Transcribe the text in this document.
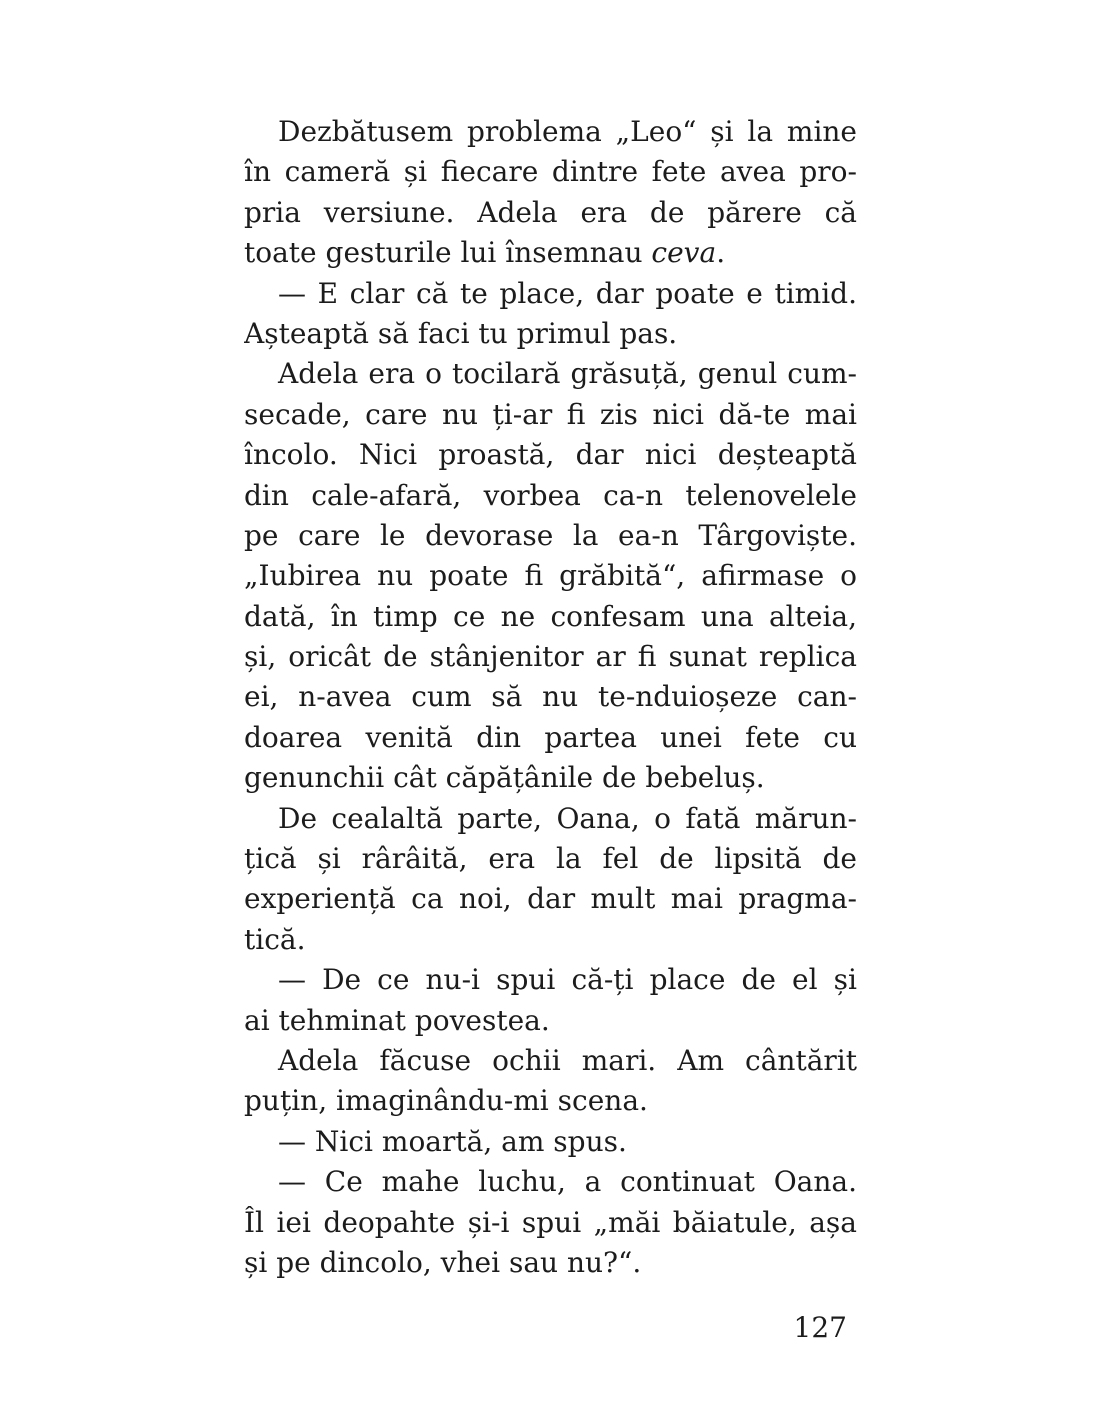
Dezbătusem problema „Leo“ și la mine
în cameră și fiecare dintre fete avea pro-
pria versiune. Adela era de părere că
toate gesturile lui însemnau ceva.
— E clar că te place, dar poate e timid.
Așteaptă să faci tu primul pas.
Adela era o tocilară grăsuță, genul cum-
secade, care nu ți-ar fi zis nici dă-te mai
încolo. Nici proastă, dar nici deșteaptă
din cale-afară, vorbea ca-n telenovelele
pe care le devorase la ea-n Târgoviște.
„Iubirea nu poate fi grăbită“, afirmase o
dată, în timp ce ne confesam una alteia,
și, oricât de stânjenitor ar fi sunat replica
ei, n-avea cum să nu te-nduioșeze can-
doarea venită din partea unei fete cu
genunchii cât căpățânile de bebeluș.
De cealaltă parte, Oana, o fată mărun-
țică și rârâită, era la fel de lipsită de
experiență ca noi, dar mult mai pragma-
tică.
— De ce nu-i spui că-ți place de el și
ai tehminat povestea.
Adela făcuse ochii mari. Am cântărit
puțin, imaginându-mi scena.
— Nici moartă, am spus.
— Ce mahe luchu, a continuat Oana.
Îl iei deopahte și-i spui „măi băiatule, așa
și pe dincolo, vhei sau nu?“.
127
